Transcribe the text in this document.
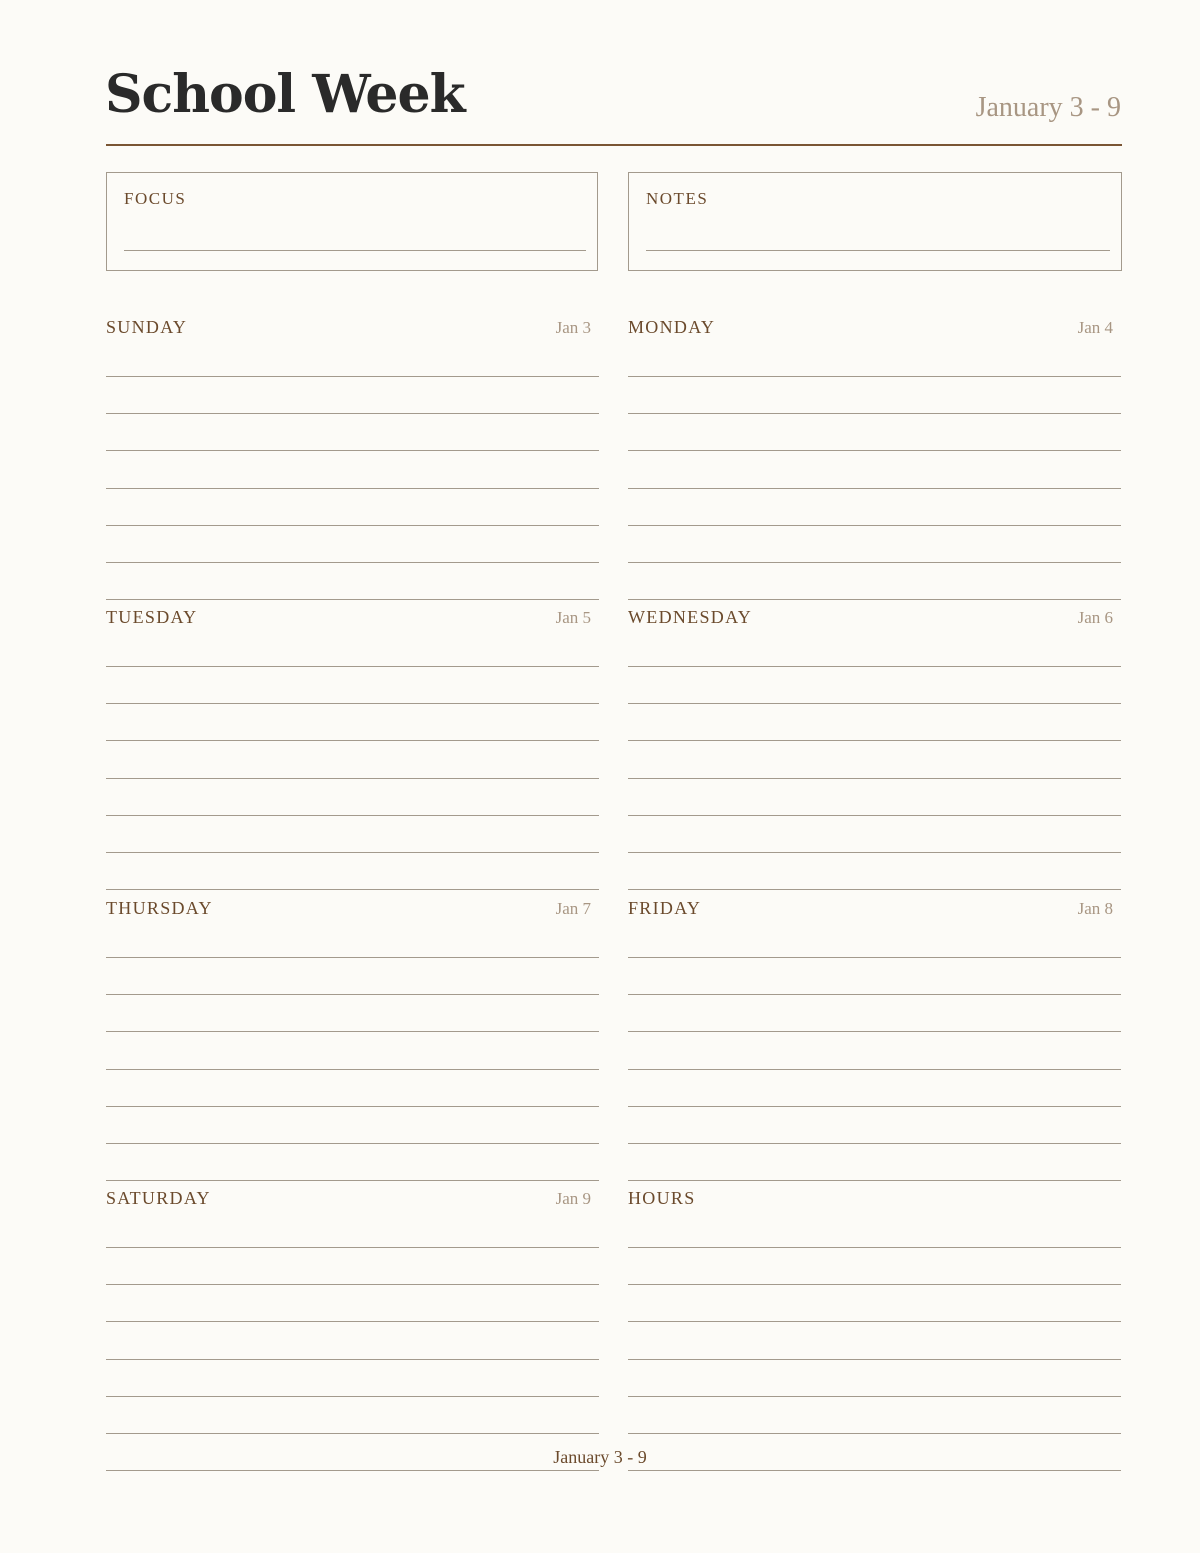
School Week	January 3 - 9
FOCUS	NOTES
SUNDAY	Jan 3 MONDAY	Jan 4
TUESDAY	Jan 5 WEDNESDAY	Jan 6
THURSDAY	Jan 7 FRIDAY	Jan 8
SATURDAY	Jan 9 HOURS
January 3 - 9
